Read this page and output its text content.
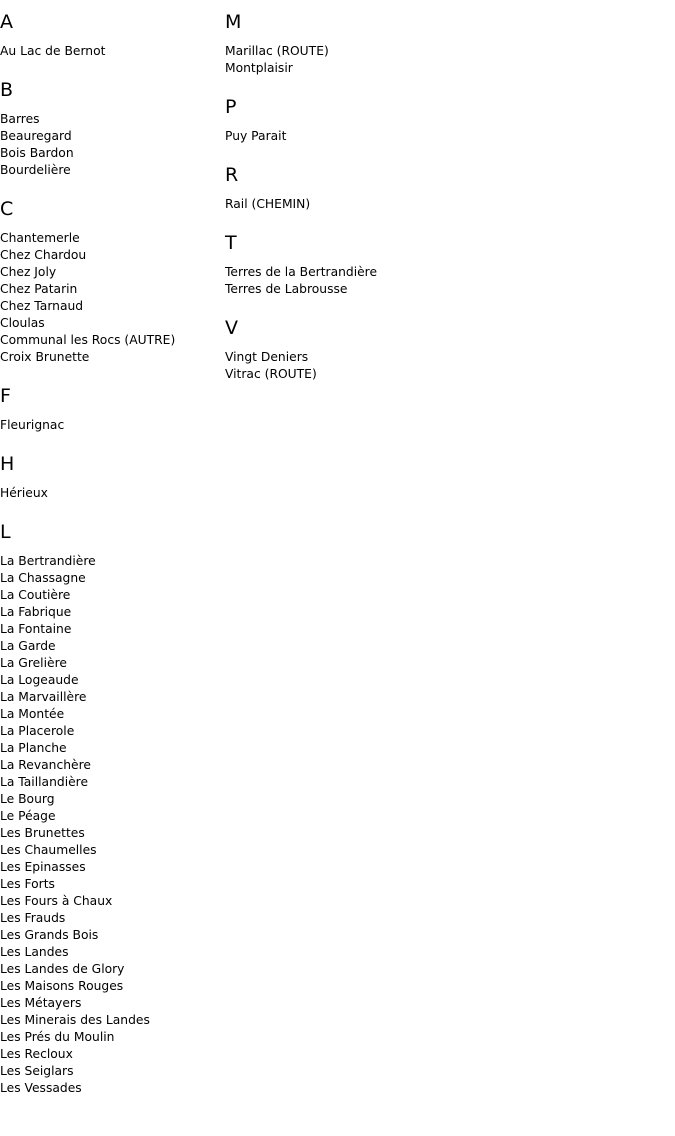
A
Au Lac de Bernot
B
Barres
Beauregard
Bois Bardon
Bourdelière
C
Chantemerle
Chez Chardou
Chez Joly
Chez Patarin
Chez Tarnaud
Cloulas
Communal les Rocs (AUTRE)
Croix Brunette
F
Fleurignac
H
Hérieux
L
La Bertrandière
La Chassagne
La Coutière
La Fabrique
La Fontaine
La Garde
La Grelière
La Logeaude
La Marvaillère
La Montée
La Placerole
La Planche
La Revanchère
La Taillandière
Le Bourg
Le Péage
Les Brunettes
Les Chaumelles
Les Epinasses
Les Forts
Les Fours à Chaux
Les Frauds
Les Grands Bois
Les Landes
Les Landes de Glory
Les Maisons Rouges
Les Métayers
Les Minerais des Landes
Les Prés du Moulin
Les Recloux
Les Seiglars
Les Vessades
M
Marillac (ROUTE)
Montplaisir
P
Puy Parait
R
Rail (CHEMIN)
T
Terres de la Bertrandière
Terres de Labrousse
V
Vingt Deniers
Vitrac (ROUTE)
